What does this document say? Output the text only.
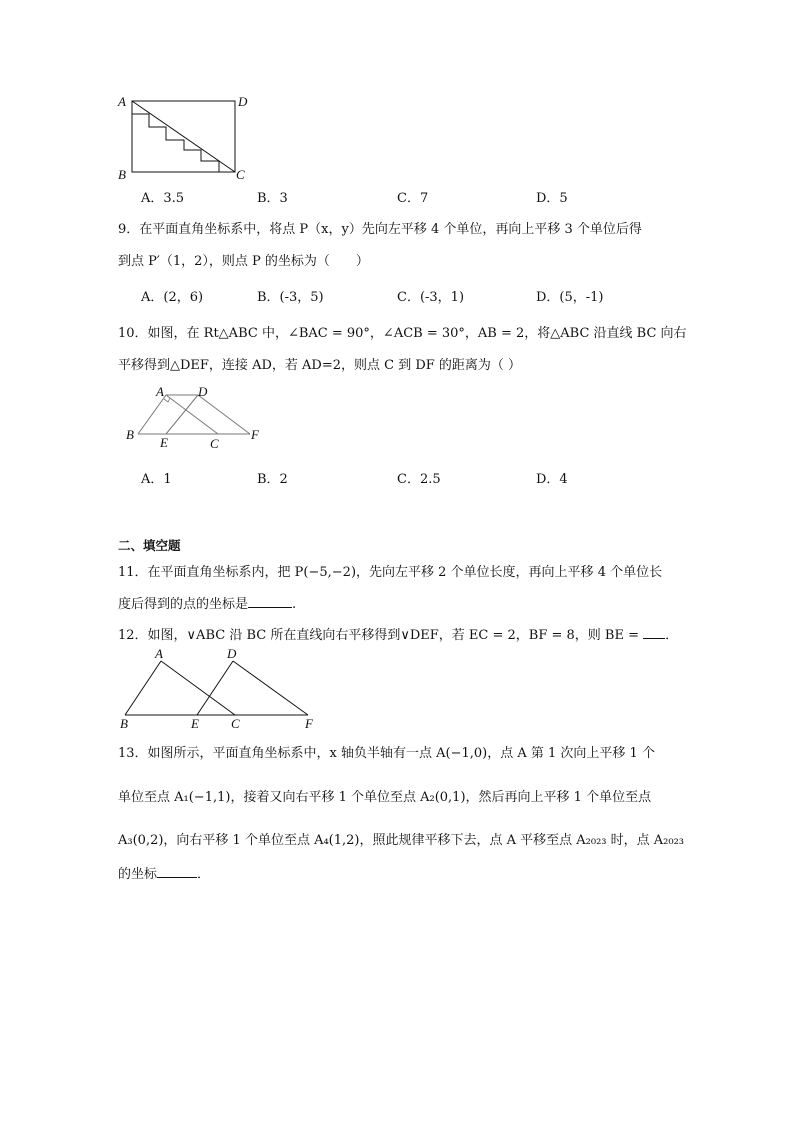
A	D
B	C
A．3.5	B．3	C．7	D．5
9．在平面直角坐标系中，将点 P（x，y）先向左平移 4 个单位，再向上平移 3 个单位后得
到点 P′（1，2），则点 P 的坐标为（　　）
A．(2，6)	B．(-3，5)	C．(-3，1)	D．(5，-1)
10．如图，在 Rt△ABC 中，∠BAC = 90°，∠ACB = 30°，AB = 2，将△ABC 沿直线 BC 向右
平移得到△DEF，连接 AD，若 AD=2，则点 C 到 DF 的距离为（ ）
A	D
B
E	C
F
A．1	B．2	C．2.5	D．4
二、填空题
11．在平面直角坐标系内，把 P(−5,−2)，先向左平移 2 个单位长度，再向上平移 4 个单位长
度后得到的点的坐标是	.
12．如图，∨ABC 沿 BC 所在直线向右平移得到∨DEF，若 EC = 2，BF = 8，则 BE = ．
A	D
B	E C	F
13．如图所示，平面直角坐标系中，x 轴负半轴有一点 A(−1,0)，点 A 第 1 次向上平移 1 个
单位至点 A₁(−1,1)，接着又向右平移 1 个单位至点 A₂(0,1)，然后再向上平移 1 个单位至点
A₃(0,2)，向右平移 1 个单位至点 A₄(1,2)，照此规律平移下去，点 A 平移至点 A₂₀₂₃ 时，点 A₂₀₂₃
的坐标	．
